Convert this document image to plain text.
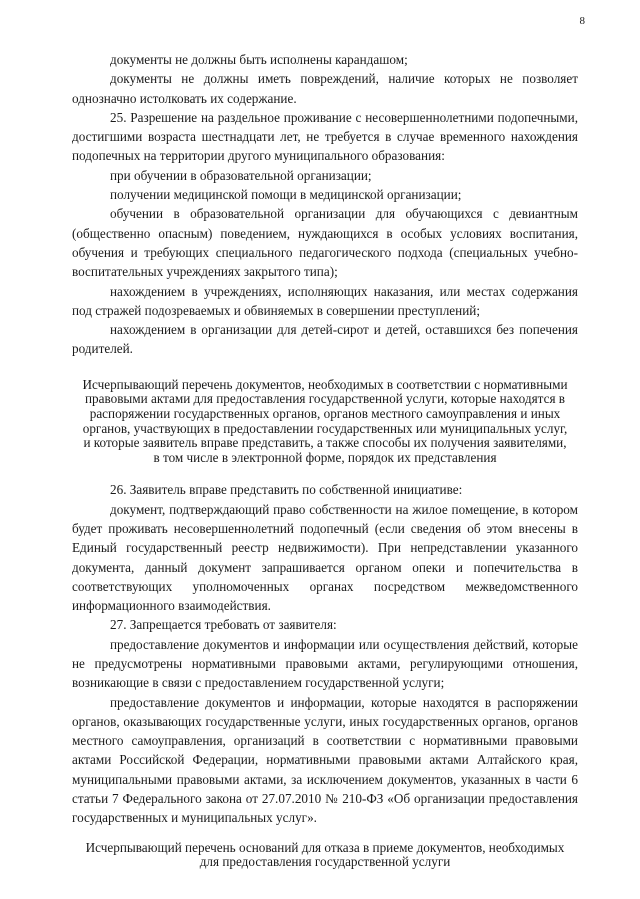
8

документы не должны быть исполнены карандашом;

документы не должны иметь повреждений, наличие которых не позволяет однозначно истолковать их содержание.

25. Разрешение на раздельное проживание с несовершеннолетними подопечными, достигшими возраста шестнадцати лет, не требуется в случае временного нахождения подопечных на территории другого муниципального образования:

при обучении в образовательной организации;

получении медицинской помощи в медицинской организации;

обучении в образовательной организации для обучающихся с девиантным (общественно опасным) поведением, нуждающихся в особых условиях воспитания, обучения и требующих специального педагогического подхода (специальных учебно-воспитательных учреждениях закрытого типа);

нахождением в учреждениях, исполняющих наказания, или местах содержания под стражей подозреваемых и обвиняемых в совершении преступлений;

нахождением в организации для детей-сирот и детей, оставшихся без попечения родителей.

Исчерпывающий перечень документов, необходимых в соответствии с нормативными правовыми актами для предоставления государственной услуги, которые находятся в распоряжении государственных органов, органов местного самоуправления и иных органов, участвующих в предоставлении государственных или муниципальных услуг, и которые заявитель вправе представить, а также способы их получения заявителями, в том числе в электронной форме, порядок их представления

26. Заявитель вправе представить по собственной инициативе:

документ, подтверждающий право собственности на жилое помещение, в котором будет проживать несовершеннолетний подопечный (если сведения об этом внесены в Единый государственный реестр недвижимости). При непредставлении указанного документа, данный документ запрашивается органом опеки и попечительства в соответствующих уполномоченных органах посредством межведомственного информационного взаимодействия.

27. Запрещается требовать от заявителя:

предоставление документов и информации или осуществления действий, которые не предусмотрены нормативными правовыми актами, регулирующими отношения, возникающие в связи с предоставлением государственной услуги;

предоставление документов и информации, которые находятся в распоряжении органов, оказывающих государственные услуги, иных государственных органов, органов местного самоуправления, организаций в соответствии с нормативными правовыми актами Российской Федерации, нормативными правовыми актами Алтайского края, муниципальными правовыми актами, за исключением документов, указанных в части 6 статьи 7 Федерального закона от 27.07.2010 № 210-ФЗ «Об организации предоставления государственных и муниципальных услуг».

Исчерпывающий перечень оснований для отказа в приеме документов, необходимых для предоставления государственной услуги
